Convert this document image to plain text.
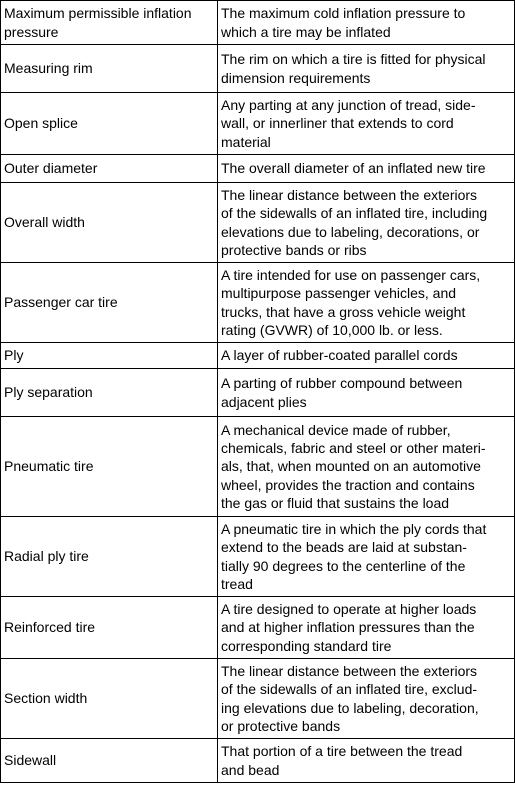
Maximum permissible inflation
pressure	The maximum cold inflation pressure to
which a tire may be inflated

Measuring rim	The rim on which a tire is fitted for physical
dimension requirements

Open splice	Any parting at any junction of tread, side-
wall, or innerliner that extends to cord
material

Outer diameter	The overall diameter of an inflated new tire

Overall width	The linear distance between the exteriors
of the sidewalls of an inflated tire, including
elevations due to labeling, decorations, or
protective bands or ribs

Passenger car tire	A tire intended for use on passenger cars,
multipurpose passenger vehicles, and
trucks, that have a gross vehicle weight
rating (GVWR) of 10,000 lb. or less.

Ply	A layer of rubber-coated parallel cords

Ply separation	A parting of rubber compound between
adjacent plies

Pneumatic tire	A mechanical device made of rubber,
chemicals, fabric and steel or other materi-
als, that, when mounted on an automotive
wheel, provides the traction and contains
the gas or fluid that sustains the load

Radial ply tire	A pneumatic tire in which the ply cords that
extend to the beads are laid at substan-
tially 90 degrees to the centerline of the
tread

Reinforced tire	A tire designed to operate at higher loads
and at higher inflation pressures than the
corresponding standard tire

Section width	The linear distance between the exteriors
of the sidewalls of an inflated tire, exclud-
ing elevations due to labeling, decoration,
or protective bands

Sidewall	That portion of a tire between the tread
and bead
